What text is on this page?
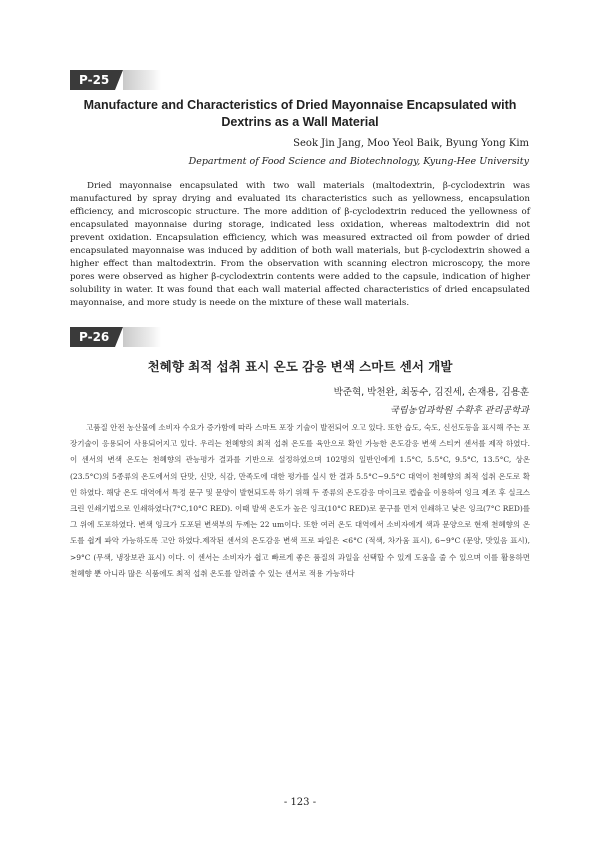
P-25
Manufacture and Characteristics of Dried Mayonnaise Encapsulated with Dextrins as a Wall Material
Seok Jin Jang, Moo Yeol Baik, Byung Yong Kim
Department of Food Science and Biotechnology, Kyung-Hee University

Dried mayonnaise encapsulated with two wall materials (maltodextrin, β-cyclodextrin was manufactured by spray drying and evaluated its characteristics such as yellowness, encapsulation efficiency, and microscopic structure. The more addition of β-cyclodextrin reduced the yellowness of encapsulated mayonnaise during storage, indicated less oxidation, whereas maltodextrin did not prevent oxidation. Encapsulation efficiency, which was measured extracted oil from powder of dried encapsulated mayonnaise was induced by addition of both wall materials, but β-cyclodextrin showed a higher effect than maltodextrin. From the observation with scanning electron microscopy, the more pores were observed as higher β-cyclodextrin contents were added to the capsule, indication of higher solubility in water. It was found that each wall material affected characteristics of dried encapsulated mayonnaise, and more study is neede on the mixture of these wall materials.

P-26
천혜향 최적 섭취 표시 온도 감응 변색 스마트 센서 개발
박준혁, 박천완, 최동수, 김진세, 손재용, 김용훈
국립농업과학원 수확후 관리공학과

고품질 안전 농산물에 소비자 수요가 증가함에 따라 스마트 포장 기술이 발전되어 오고 있다. 또한 습도, 숙도, 신선도등을 표시해 주는 포장기술이 응용되어 사용되어지고 있다. 우리는 천혜향의 최적 섭취 온도를 육안으로 확인 가능한 온도감응 변색 스티커 센서를 제작 하였다. 이 센서의 변색 온도는 천혜향의 관능평가 결과를 기반으로 설정하였으며 102명의 일반인에게 1.5°C, 5.5°C, 9.5°C, 13.5°C, 상온(23.5°C)의 5종류의 온도에서의 단맛, 신맛, 식감, 만족도에 대한 평가를 실시 한 결과 5.5°C~9.5°C 대역이 천혜향의 최적 섭취 온도로 확인 하였다. 해당 온도 대역에서 특정 문구 및 문양이 발현되도록 하기 위해 두 종류의 온도감응 마이크로 캡슐을 이용하여 잉크 제조 후 실크스크린 인쇄기법으로 인쇄하였다(7°C,10°C RED). 이때 발색 온도가 높은 잉크(10°C RED)로 문구를 먼저 인쇄하고 낮은 잉크(7°C RED)를 그 위에 도포하였다. 변색 잉크가 도포된 변색부의 두께는 22 um이다. 또한 여러 온도 대역에서 소비자에게 색과 문양으로 현재 천혜향의 온도를 쉽게 파악 가능하도록 고안 하였다.제작된 센서의 온도감응 변색 프로 파일은 <6°C (적색, 차가움 표시), 6~9°C (문양, 맛있음 표시), >9°C (무색, 냉장보관 표시) 이다. 이 센서는 소비자가 쉽고 빠르게 좋은 품질의 과일을 선택할 수 있게 도움을 줄 수 있으며 이를 활용하면 천혜향 뿐 아니라 많은 식품에도 최적 섭취 온도를 알려줄 수 있는 센서로 적용 가능하다

- 123 -
